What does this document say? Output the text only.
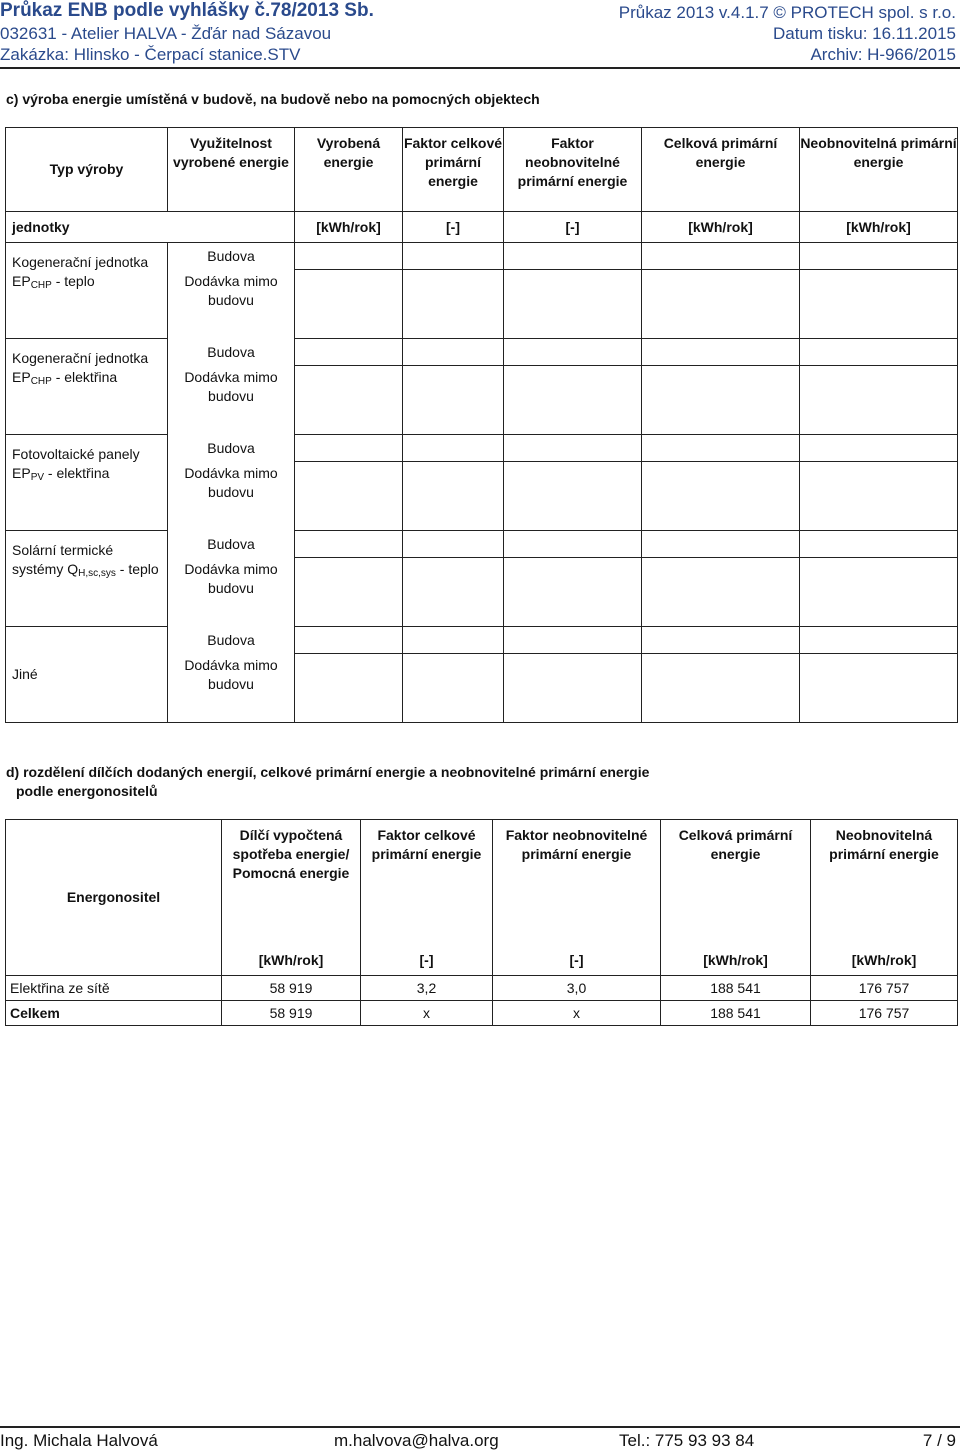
Průkaz ENB podle vyhlášky č.78/2013 Sb.	Průkaz 2013 v.4.1.7 © PROTECH spol. s r.o.
032631 - Atelier HALVA - Žďár nad Sázavou	Datum tisku: 16.11.2015
Zakázka: Hlinsko - Čerpací stanice.STV	Archiv: H-966/2015
c) výroba energie umístěná v budově, na budově nebo na pomocných objektech
Typ výroby	Využitelnost vyrobené energie	Vyrobená energie	Faktor celkové primární energie	Faktor neobnovitelné primární energie	Celková primární energie	Neobnovitelná primární energie
jednotky		[kWh/rok]	[-]	[-]	[kWh/rok]	[kWh/rok]
Kogenerační jednotka $EP_{CHP}$ - teplo	Budova					
	Dodávka mimo budovu					
Kogenerační jednotka $EP_{CHP}$ - elektřina	Budova					
	Dodávka mimo budovu					
Fotovoltaické panely $EP_{PV}$ - elektřina	Budova					
	Dodávka mimo budovu					
Solární termické systémy $Q_{H,sc,sys}$ - teplo	Budova					
	Dodávka mimo budovu					
Jiné	Budova					
	Dodávka mimo budovu					
d) rozdělení dílčích dodaných energií, celkové primární energie a neobnovitelné primární energie
podle energonositelů
Energonositel	Dílčí vypočtená spotřeba energie/ Pomocná energie	Faktor celkové primární energie	Faktor neobnovitelné primární energie	Celková primární energie	Neobnovitelná primární energie
	[kWh/rok]	[-]	[-]	[kWh/rok]	[kWh/rok]
Elektřina ze sítě	58 919	3,2	3,0	188 541	176 757
Celkem	58 919	x	x	188 541	176 757
Ing. Michala Halvová	m.halvova@halva.org	Tel.: 775 93 93 84	7 / 9
